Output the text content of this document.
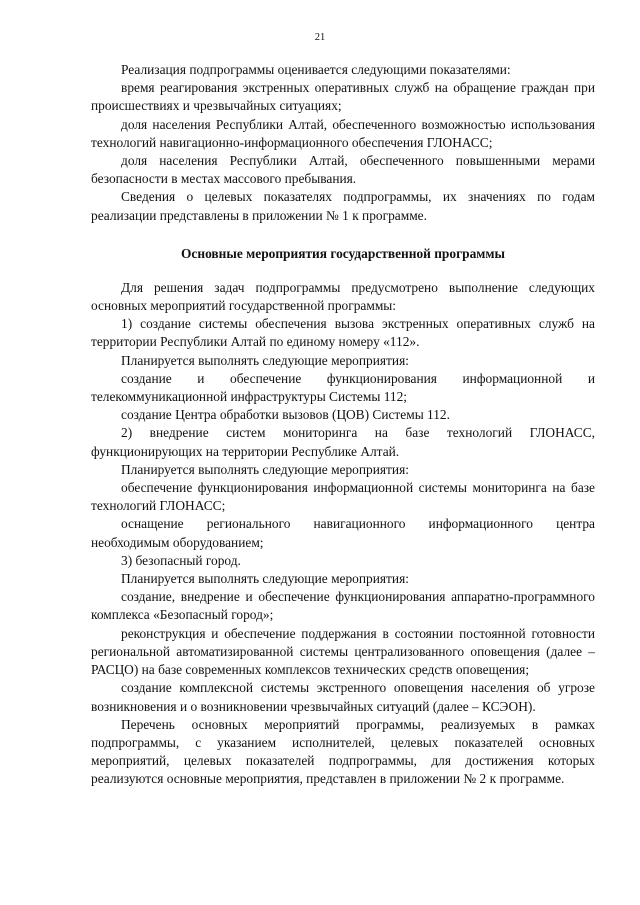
21

Реализация подпрограммы оценивается следующими показателями:

время реагирования экстренных оперативных служб на обращение граждан при происшествиях и чрезвычайных ситуациях;

доля населения Республики Алтай, обеспеченного возможностью использования технологий навигационно-информационного обеспечения ГЛОНАСС;

доля населения Республики Алтай, обеспеченного повышенными мерами безопасности в местах массового пребывания.

Сведения о целевых показателях подпрограммы, их значениях по годам реализации представлены в приложении № 1 к программе.

Основные мероприятия государственной программы

Для решения задач подпрограммы предусмотрено выполнение следующих основных мероприятий государственной программы:

1) создание системы обеспечения вызова экстренных оперативных служб на территории Республики Алтай по единому номеру «112».

Планируется выполнять следующие мероприятия:

создание и обеспечение функционирования информационной и телекоммуникационной инфраструктуры Системы 112;

создание Центра обработки вызовов (ЦОВ) Системы 112.

2) внедрение систем мониторинга на базе технологий ГЛОНАСС, функционирующих на территории Республике Алтай.

Планируется выполнять следующие мероприятия:

обеспечение функционирования информационной системы мониторинга на базе технологий ГЛОНАСС;

оснащение регионального навигационного информационного центра необходимым оборудованием;

3) безопасный город.

Планируется выполнять следующие мероприятия:

создание, внедрение и обеспечение функционирования аппаратно-программного комплекса «Безопасный город»;

реконструкция и обеспечение поддержания в состоянии постоянной готовности региональной автоматизированной системы централизованного оповещения (далее – РАСЦО) на базе современных комплексов технических средств оповещения;

создание комплексной системы экстренного оповещения населения об угрозе возникновения и о возникновении чрезвычайных ситуаций (далее – КСЭОН).

Перечень основных мероприятий программы, реализуемых в рамках подпрограммы, с указанием исполнителей, целевых показателей основных мероприятий, целевых показателей подпрограммы, для достижения которых реализуются основные мероприятия, представлен в приложении № 2 к программе.
